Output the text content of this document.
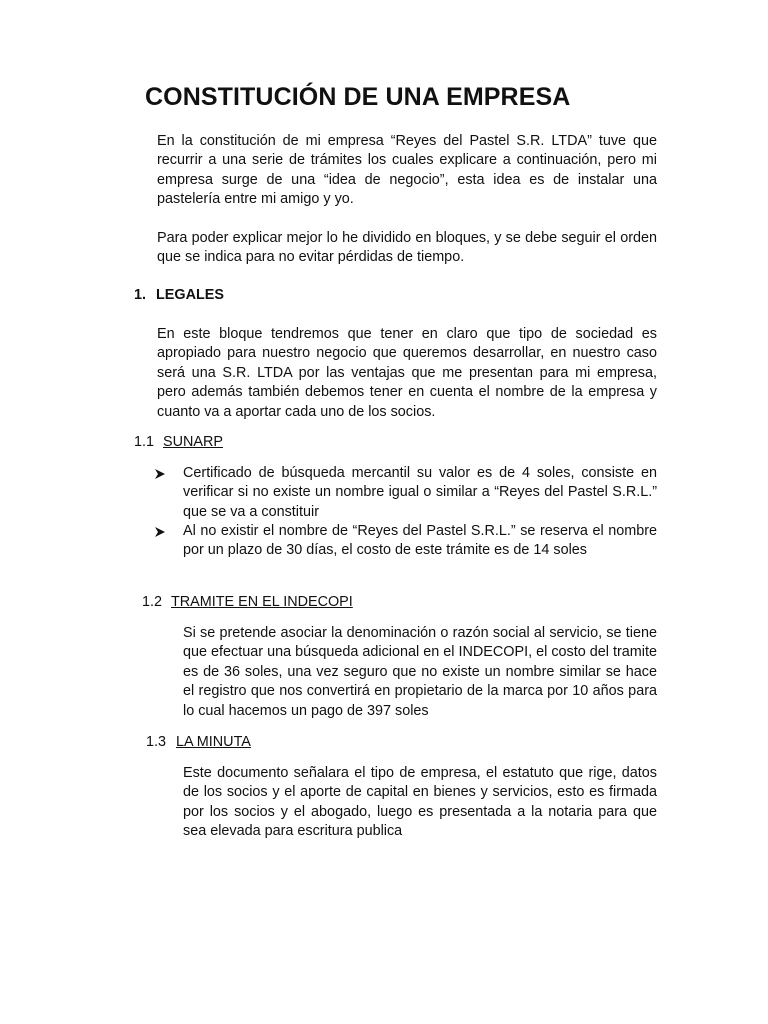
CONSTITUCIÓN DE UNA EMPRESA

En la constitución de mi empresa “Reyes del Pastel S.R. LTDA” tuve que recurrir a una serie de trámites los cuales explicare a continuación, pero mi empresa surge de una “idea de negocio”, esta idea es de instalar una pastelería entre mi amigo y yo.

Para poder explicar mejor lo he dividido en bloques, y se debe seguir el orden que se indica para no evitar pérdidas de tiempo.

1. LEGALES

En este bloque tendremos que tener en claro que tipo de sociedad es apropiado para nuestro negocio que queremos desarrollar, en nuestro caso será una S.R. LTDA por las ventajas que me presentan para mi empresa, pero además también debemos tener en cuenta el nombre de la empresa y cuanto va a aportar cada uno de los socios.

1.1 SUNARP
Certificado de búsqueda mercantil su valor es de 4 soles, consiste en verificar si no existe un nombre igual o similar a “Reyes del Pastel S.R.L.” que se va a constituir
Al no existir el nombre de “Reyes del Pastel S.R.L.” se reserva el nombre por un plazo de 30 días, el costo de este trámite es de 14 soles
1.2 TRAMITE EN EL INDECOPI

Si se pretende asociar la denominación o razón social al servicio, se tiene que efectuar una búsqueda adicional en el INDECOPI, el costo del tramite es de 36 soles, una vez seguro que no existe un nombre similar se hace el registro que nos convertirá en propietario de la marca por 10 años para lo cual hacemos un pago de 397 soles

1.3 LA MINUTA

Este documento señalara el tipo de empresa, el estatuto que rige, datos de los socios y el aporte de capital en bienes y servicios, esto es firmada por los socios y el abogado, luego es presentada a la notaria para que sea elevada para escritura publica
